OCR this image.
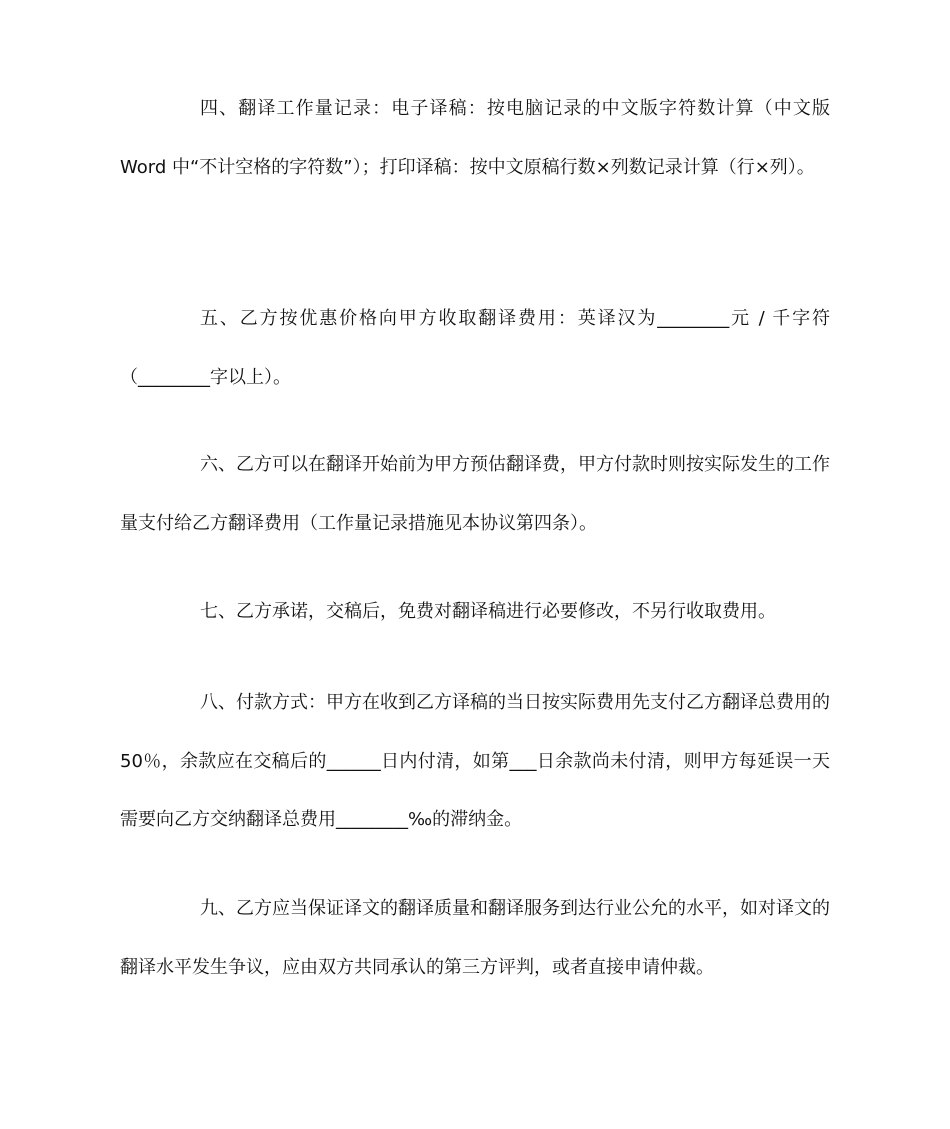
四、翻译工作量记录：电子译稿：按电脑记录的中文版字符数计算（中文版Word 中“不计空格的字符数”）；打印译稿：按中文原稿行数×列数记录计算（行×列）。

五、乙方按优惠价格向甲方收取翻译费用：英译汉为________元 / 千字符（________字以上）。

六、乙方可以在翻译开始前为甲方预估翻译费，甲方付款时则按实际发生的工作量支付给乙方翻译费用（工作量记录措施见本协议第四条）。

七、乙方承诺，交稿后，免费对翻译稿进行必要修改，不另行收取费用。

八、付款方式：甲方在收到乙方译稿的当日按实际费用先支付乙方翻译总费用的 50％，余款应在交稿后的______日内付清，如第___日余款尚未付清，则甲方每延误一天需要向乙方交纳翻译总费用________‰的滞纳金。

九、乙方应当保证译文的翻译质量和翻译服务到达行业公允的水平，如对译文的翻译水平发生争议，应由双方共同承认的第三方评判，或者直接申请仲裁。
